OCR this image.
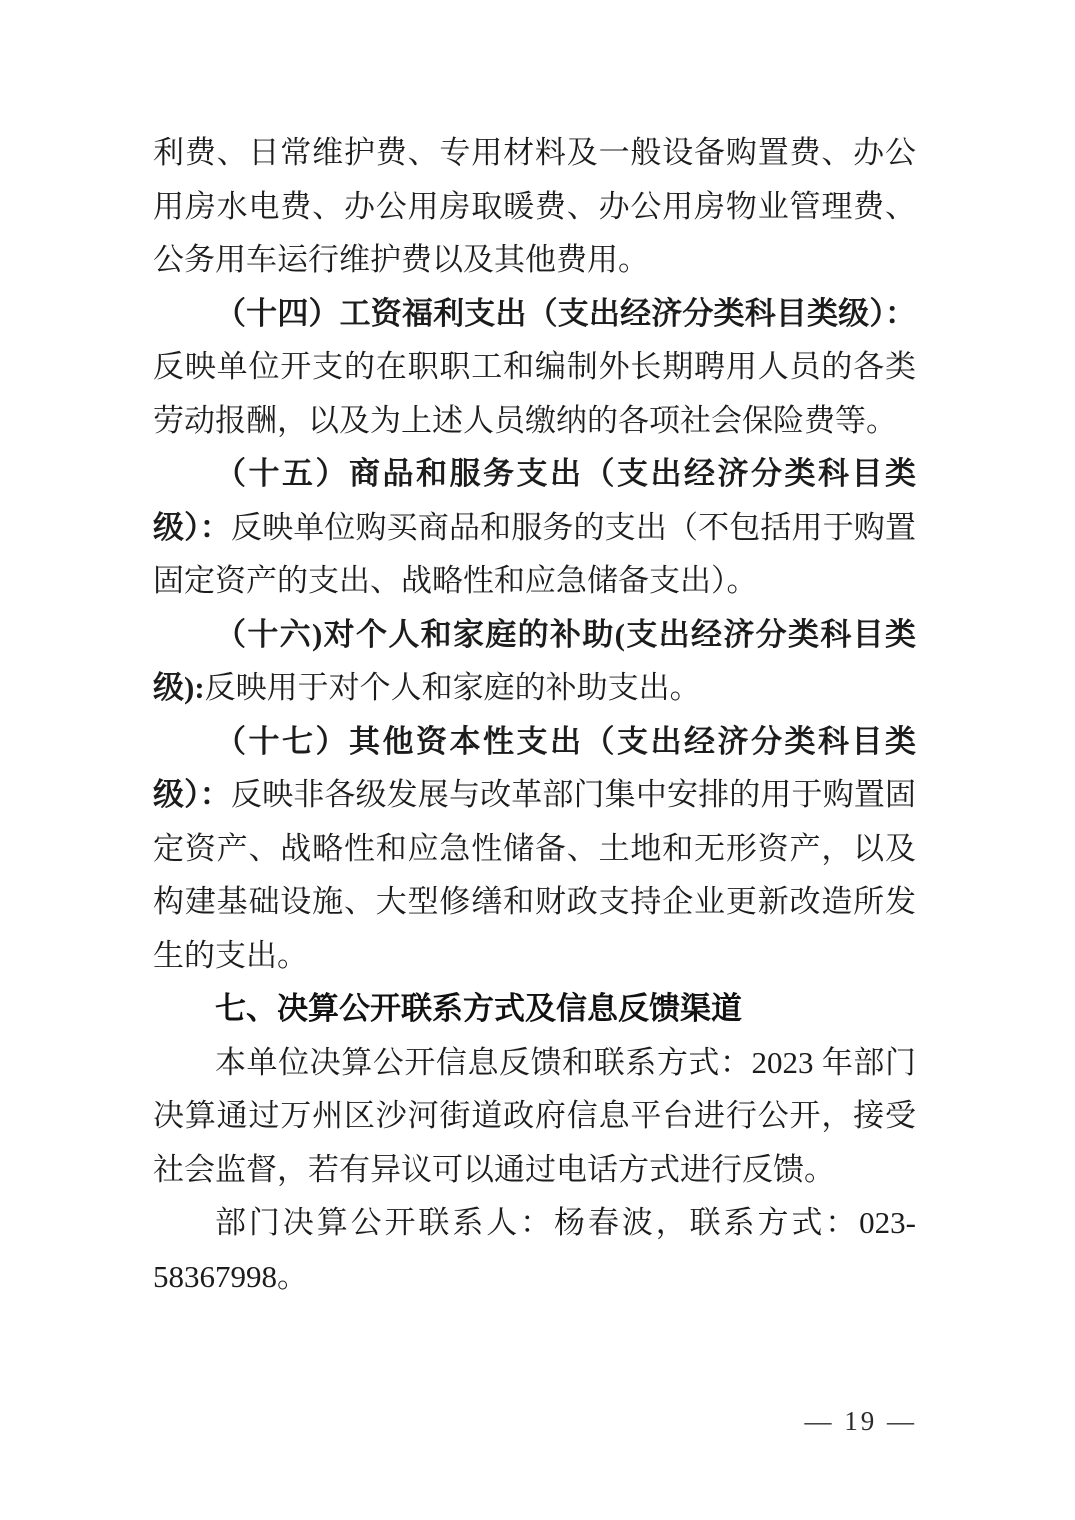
利费、日常维护费、专用材料及一般设备购置费、办公用房水电费、办公用房取暖费、办公用房物业管理费、公务用车运行维护费以及其他费用。

（十四）工资福利支出（支出经济分类科目类级）：反映单位开支的在职职工和编制外长期聘用人员的各类劳动报酬，以及为上述人员缴纳的各项社会保险费等。

（十五）商品和服务支出（支出经济分类科目类级）：反映单位购买商品和服务的支出（不包括用于购置固定资产的支出、战略性和应急储备支出）。

（十六)对个人和家庭的补助(支出经济分类科目类级):反映用于对个人和家庭的补助支出。

（十七）其他资本性支出（支出经济分类科目类级）：反映非各级发展与改革部门集中安排的用于购置固定资产、战略性和应急性储备、土地和无形资产，以及构建基础设施、大型修缮和财政支持企业更新改造所发生的支出。

七、决算公开联系方式及信息反馈渠道

本单位决算公开信息反馈和联系方式：2023 年部门决算通过万州区沙河街道政府信息平台进行公开，接受社会监督，若有异议可以通过电话方式进行反馈。

部门决算公开联系人：杨春波，联系方式：023-58367998。

— 19 —
